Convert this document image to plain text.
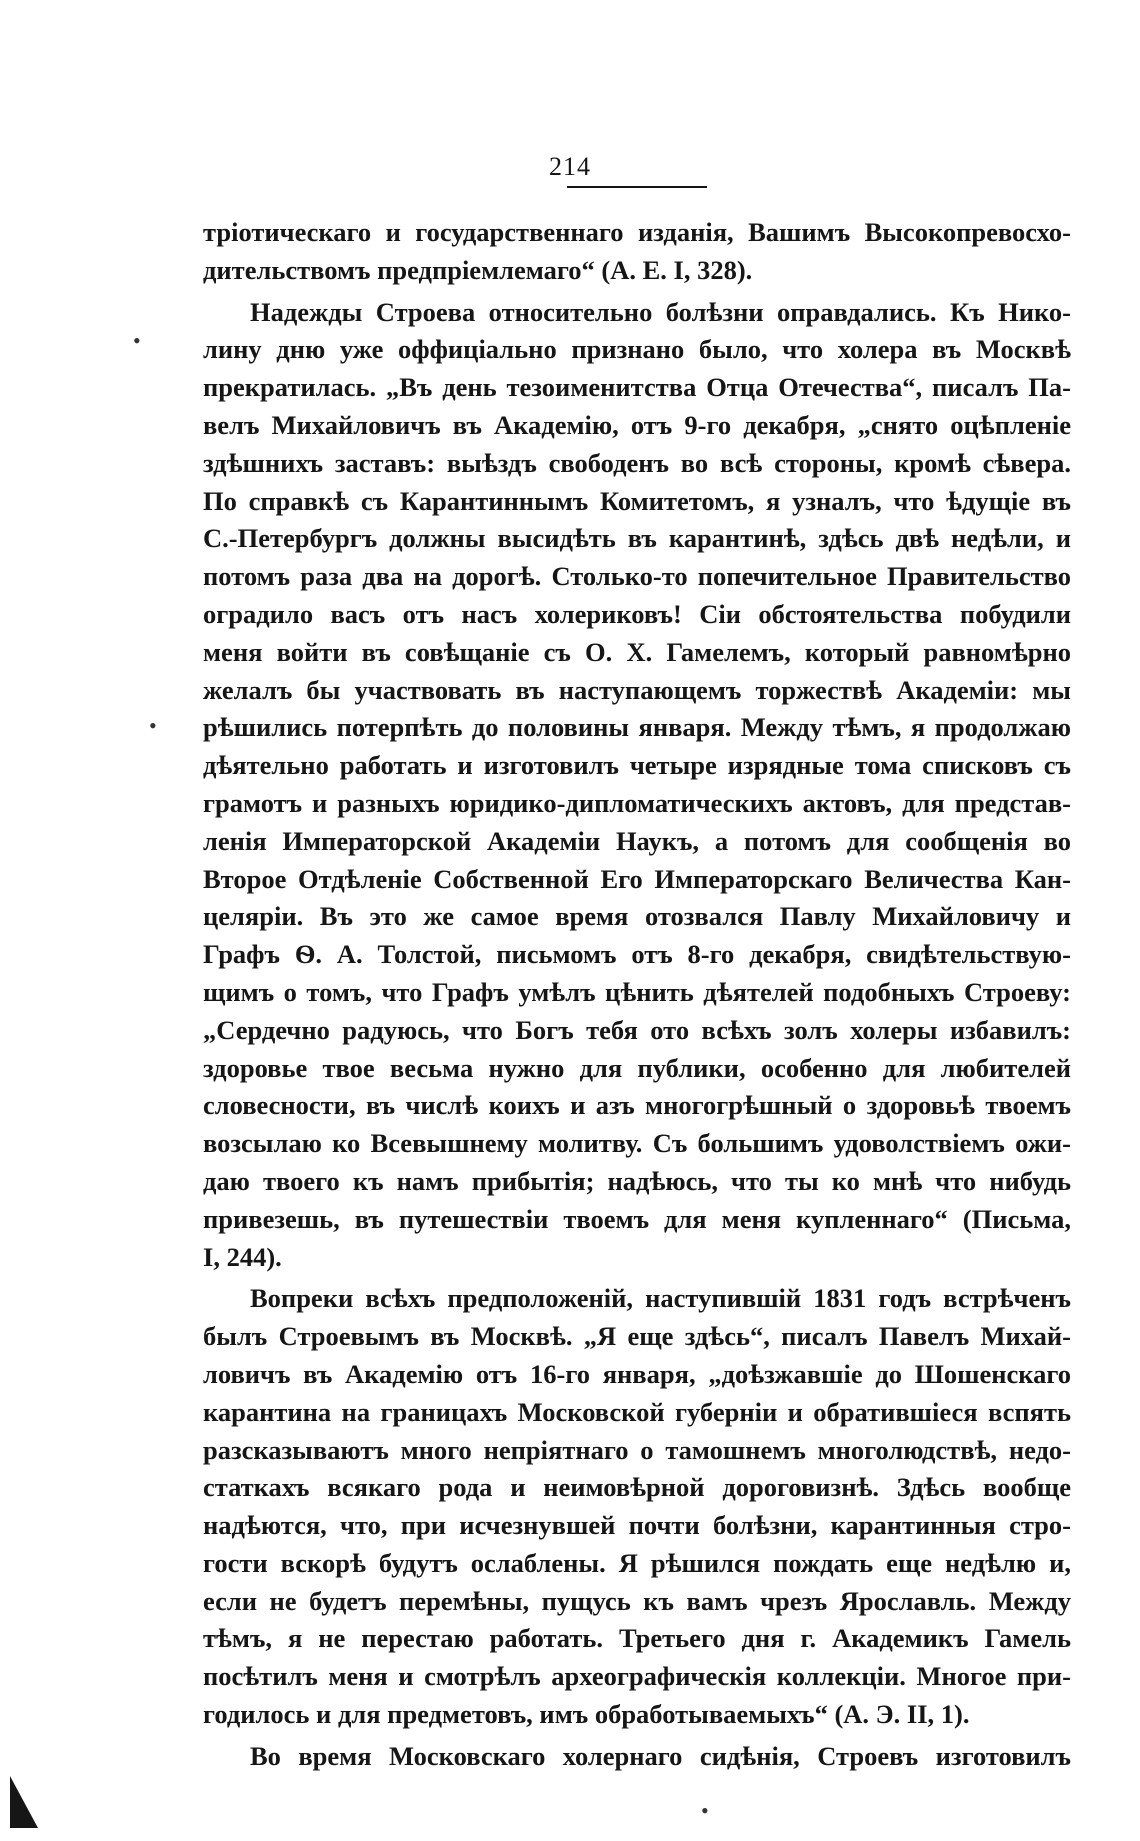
214
тріотическаго и государственнаго изданія, Вашимъ Высокопревосхо-
дительствомъ предпріемлемаго“ (А. Е. I, 328).
Надежды Строева относительно болѣзни оправдались. Къ Нико-
лину дню уже оффиціально признано было, что холера въ Москвѣ
прекратилась. „Въ день тезоименитства Отца Отечества“, писалъ Па-
велъ Михайловичъ въ Академію, отъ 9-го декабря, „снято оцѣпленіе
здѣшнихъ заставъ: выѣздъ свободенъ во всѣ стороны, кромѣ сѣвера.
По справкѣ съ Карантиннымъ Комитетомъ, я узналъ, что ѣдущіе въ
С.-Петербургъ должны высидѣть въ карантинѣ, здѣсь двѣ недѣли, и
потомъ раза два на дорогѣ. Столько-то попечительное Правительство
оградило васъ отъ насъ холериковъ! Сіи обстоятельства побудили
меня войти въ совѣщаніе съ О. Х. Гамелемъ, который равномѣрно
желалъ бы участвовать въ наступающемъ торжествѣ Академіи: мы
рѣшились потерпѣть до половины января. Между тѣмъ, я продолжаю
дѣятельно работать и изготовилъ четыре изрядные тома списковъ съ
грамотъ и разныхъ юридико-дипломатическихъ актовъ, для представ-
ленія Императорской Академіи Наукъ, а потомъ для сообщенія во
Второе Отдѣленіе Собственной Его Императорскаго Величества Кан-
целяріи. Въ это же самое время отозвался Павлу Михайловичу и
Графъ Ѳ. А. Толстой, письмомъ отъ 8-го декабря, свидѣтельствую-
щимъ о томъ, что Графъ умѣлъ цѣнить дѣятелей подобныхъ Строеву:
„Сердечно радуюсь, что Богъ тебя ото всѣхъ золъ холеры избавилъ:
здоровье твое весьма нужно для публики, особенно для любителей
словесности, въ числѣ коихъ и азъ многогрѣшный о здоровьѣ твоемъ
возсылаю ко Всевышнему молитву. Съ большимъ удоволствіемъ ожи-
даю твоего къ намъ прибытія; надѣюсь, что ты ко мнѣ что нибудь
привезешь, въ путешествіи твоемъ для меня купленнаго“ (Письма,
I, 244).
Вопреки всѣхъ предположеній, наступившій 1831 годъ встрѣченъ
былъ Строевымъ въ Москвѣ. „Я еще здѣсь“, писалъ Павелъ Михай-
ловичъ въ Академію отъ 16-го января, „доѣзжавшіе до Шошенскаго
карантина на границахъ Московской губерніи и обратившіеся вспять
разсказываютъ много непріятнаго о тамошнемъ многолюдствѣ, недо-
статкахъ всякаго рода и неимовѣрной дороговизнѣ. Здѣсь вообще
надѣются, что, при исчезнувшей почти болѣзни, карантинныя стро-
гости вскорѣ будутъ ослаблены. Я рѣшился пождать еще недѣлю и,
если не будетъ перемѣны, пущусь къ вамъ чрезъ Ярославль. Между
тѣмъ, я не перестаю работать. Третьего дня г. Академикъ Гамель
посѣтилъ меня и смотрѣлъ археографическія коллекціи. Многое при-
годилось и для предметовъ, имъ обработываемыхъ“ (А. Э. II, 1).
Во время Московскаго холернаго сидѣнія, Строевъ изготовилъ
•
•
•
